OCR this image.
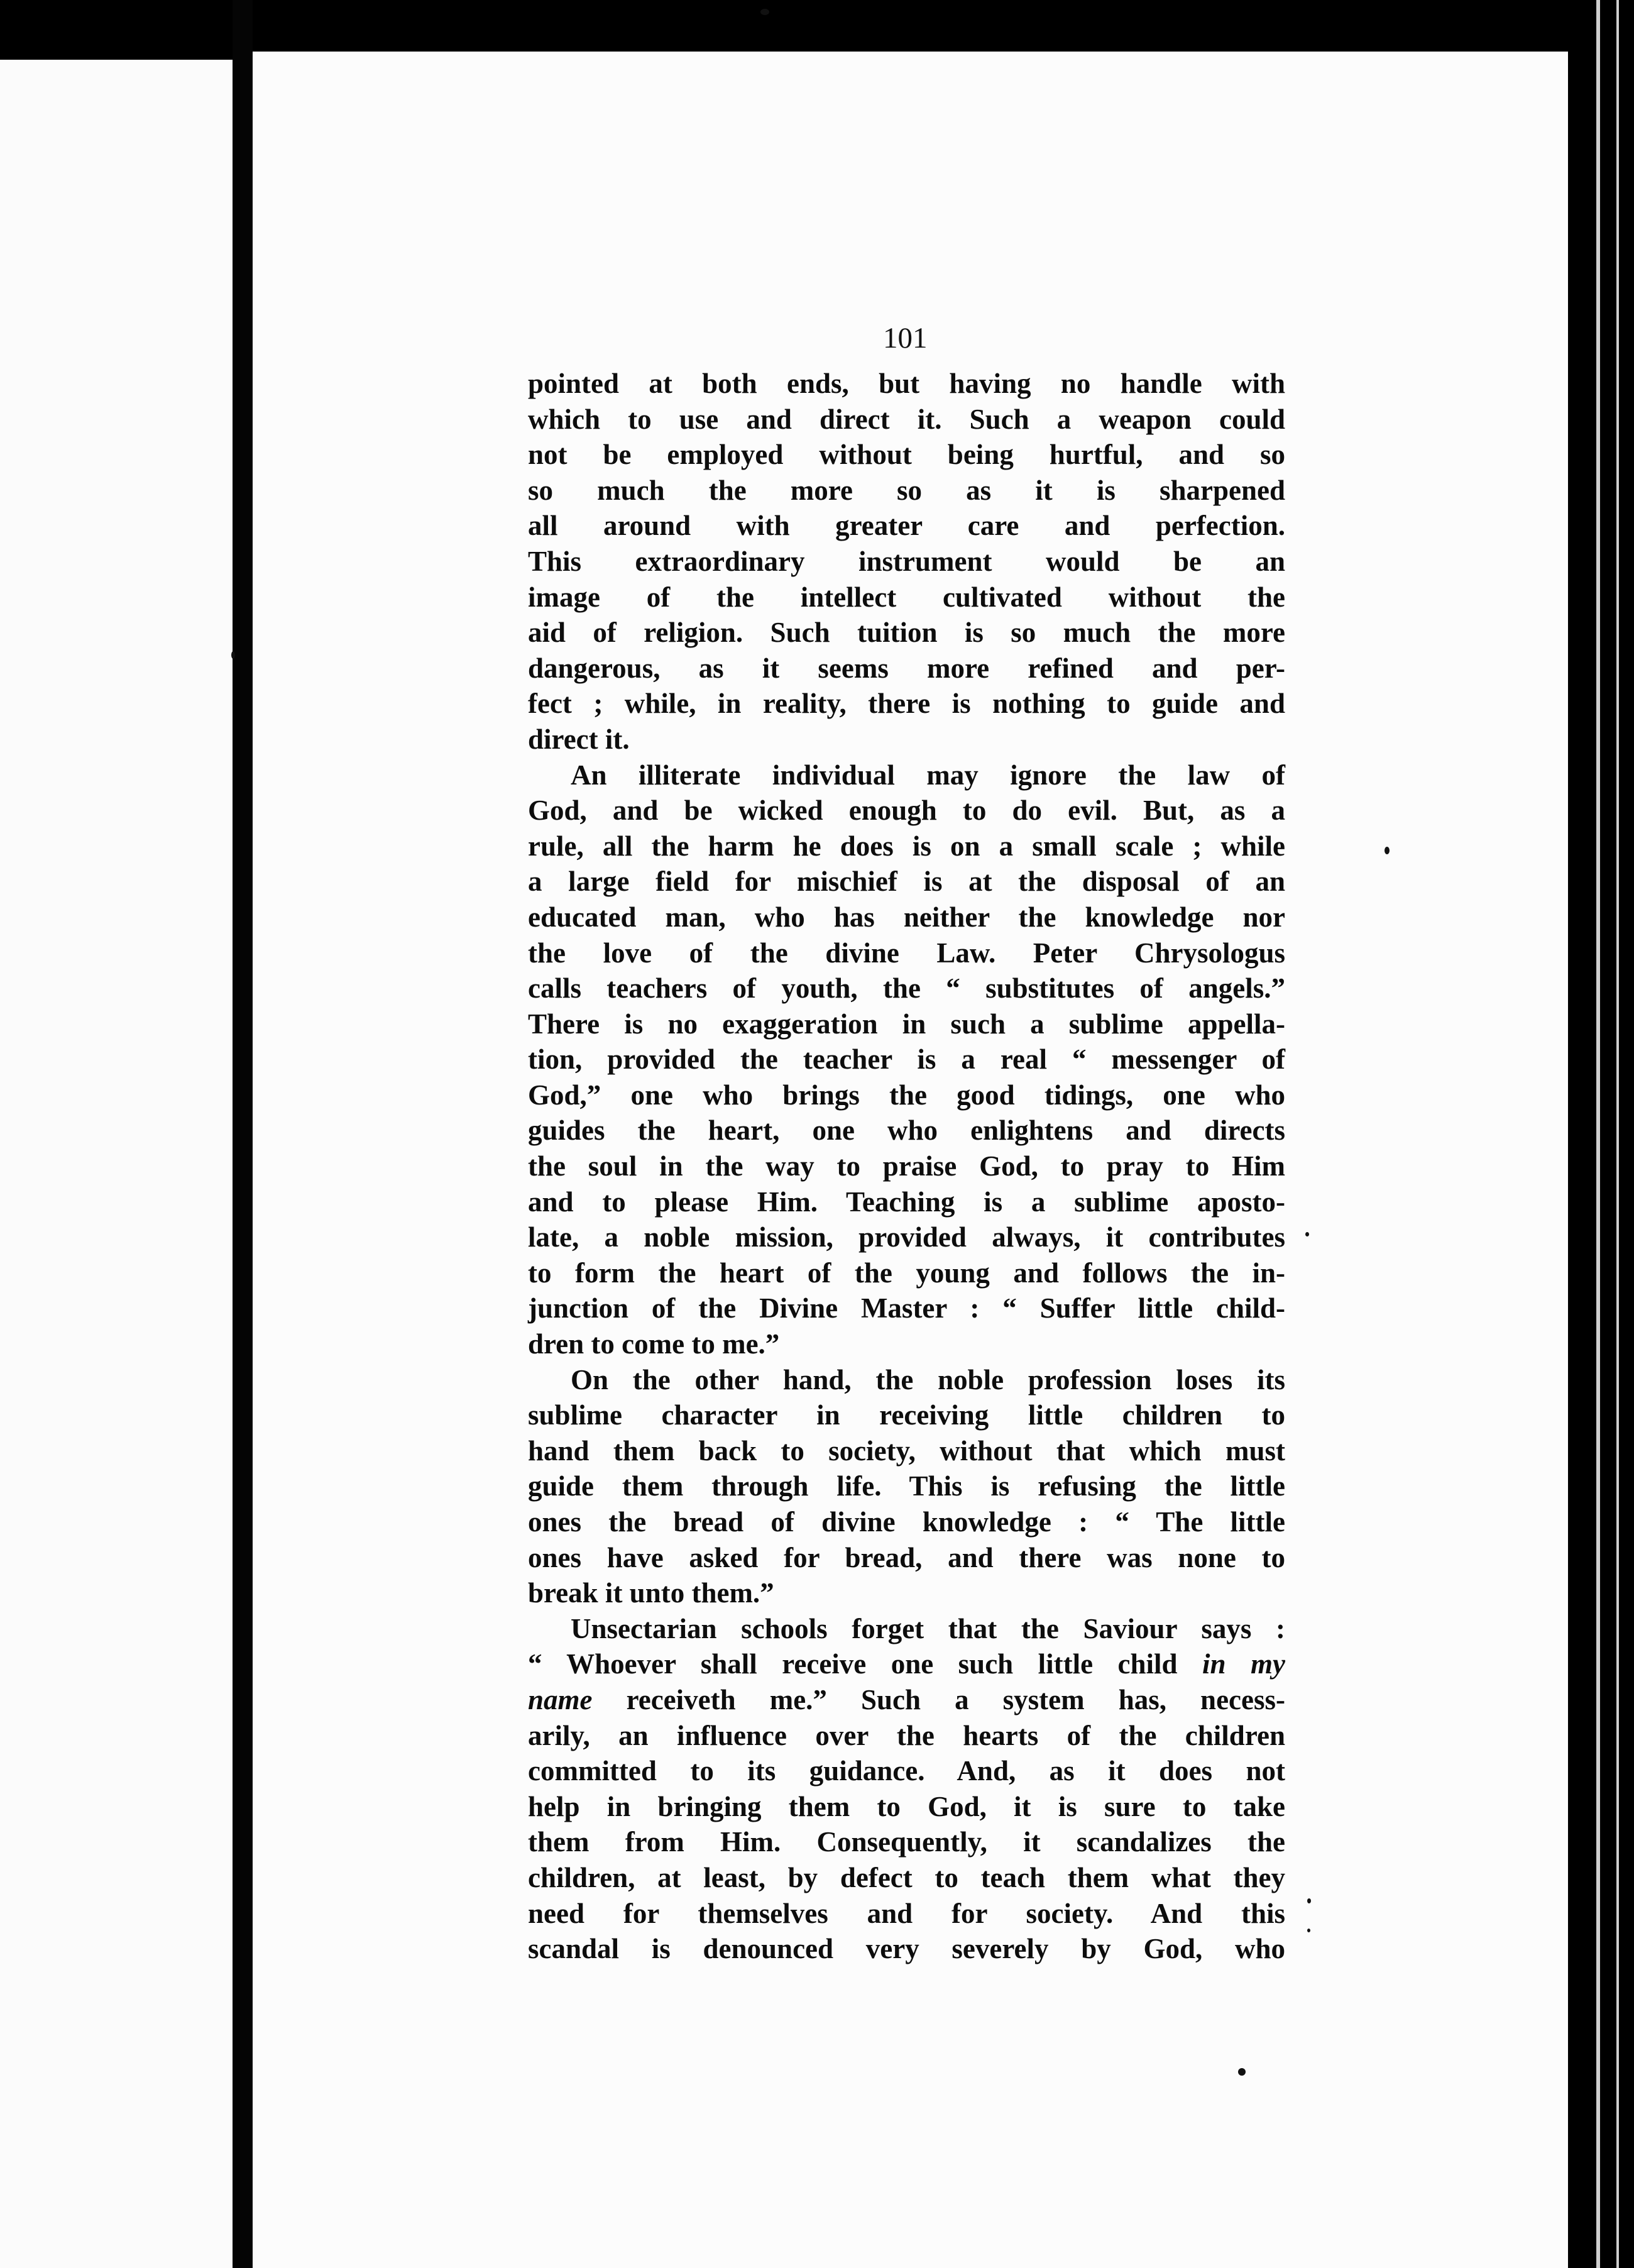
101
pointed at both ends, but having no handle with
which to use and direct it. Such a weapon could
not be employed without being hurtful, and so
so much the more so as it is sharpened
all around with greater care and perfection.
This extraordinary instrument would be an
image of the intellect cultivated without the
aid of religion. Such tuition is so much the more
dangerous, as it seems more refined and per-
fect ; while, in reality, there is nothing to guide and
direct it.
An illiterate individual may ignore the law of
God, and be wicked enough to do evil. But, as a
rule, all the harm he does is on a small scale ; while
a large field for mischief is at the disposal of an
educated man, who has neither the knowledge nor
the love of the divine Law. Peter Chrysologus
calls teachers of youth, the “ substitutes of angels.”
There is no exaggeration in such a sublime appella-
tion, provided the teacher is a real “ messenger of
God,” one who brings the good tidings, one who
guides the heart, one who enlightens and directs
the soul in the way to praise God, to pray to Him
and to please Him. Teaching is a sublime aposto-
late, a noble mission, provided always, it contributes
to form the heart of the young and follows the in-
junction of the Divine Master : “ Suffer little child-
dren to come to me.”
On the other hand, the noble profession loses its
sublime character in receiving little children to
hand them back to society, without that which must
guide them through life. This is refusing the little
ones the bread of divine knowledge : “ The little
ones have asked for bread, and there was none to
break it unto them.”
Unsectarian schools forget that the Saviour says :
“ Whoever shall receive one such little child in my
name receiveth me.” Such a system has, necess-
arily, an influence over the hearts of the children
committed to its guidance. And, as it does not
help in bringing them to God, it is sure to take
them from Him. Consequently, it scandalizes the
children, at least, by defect to teach them what they
need for themselves and for society. And this
scandal is denounced very severely by God, who
